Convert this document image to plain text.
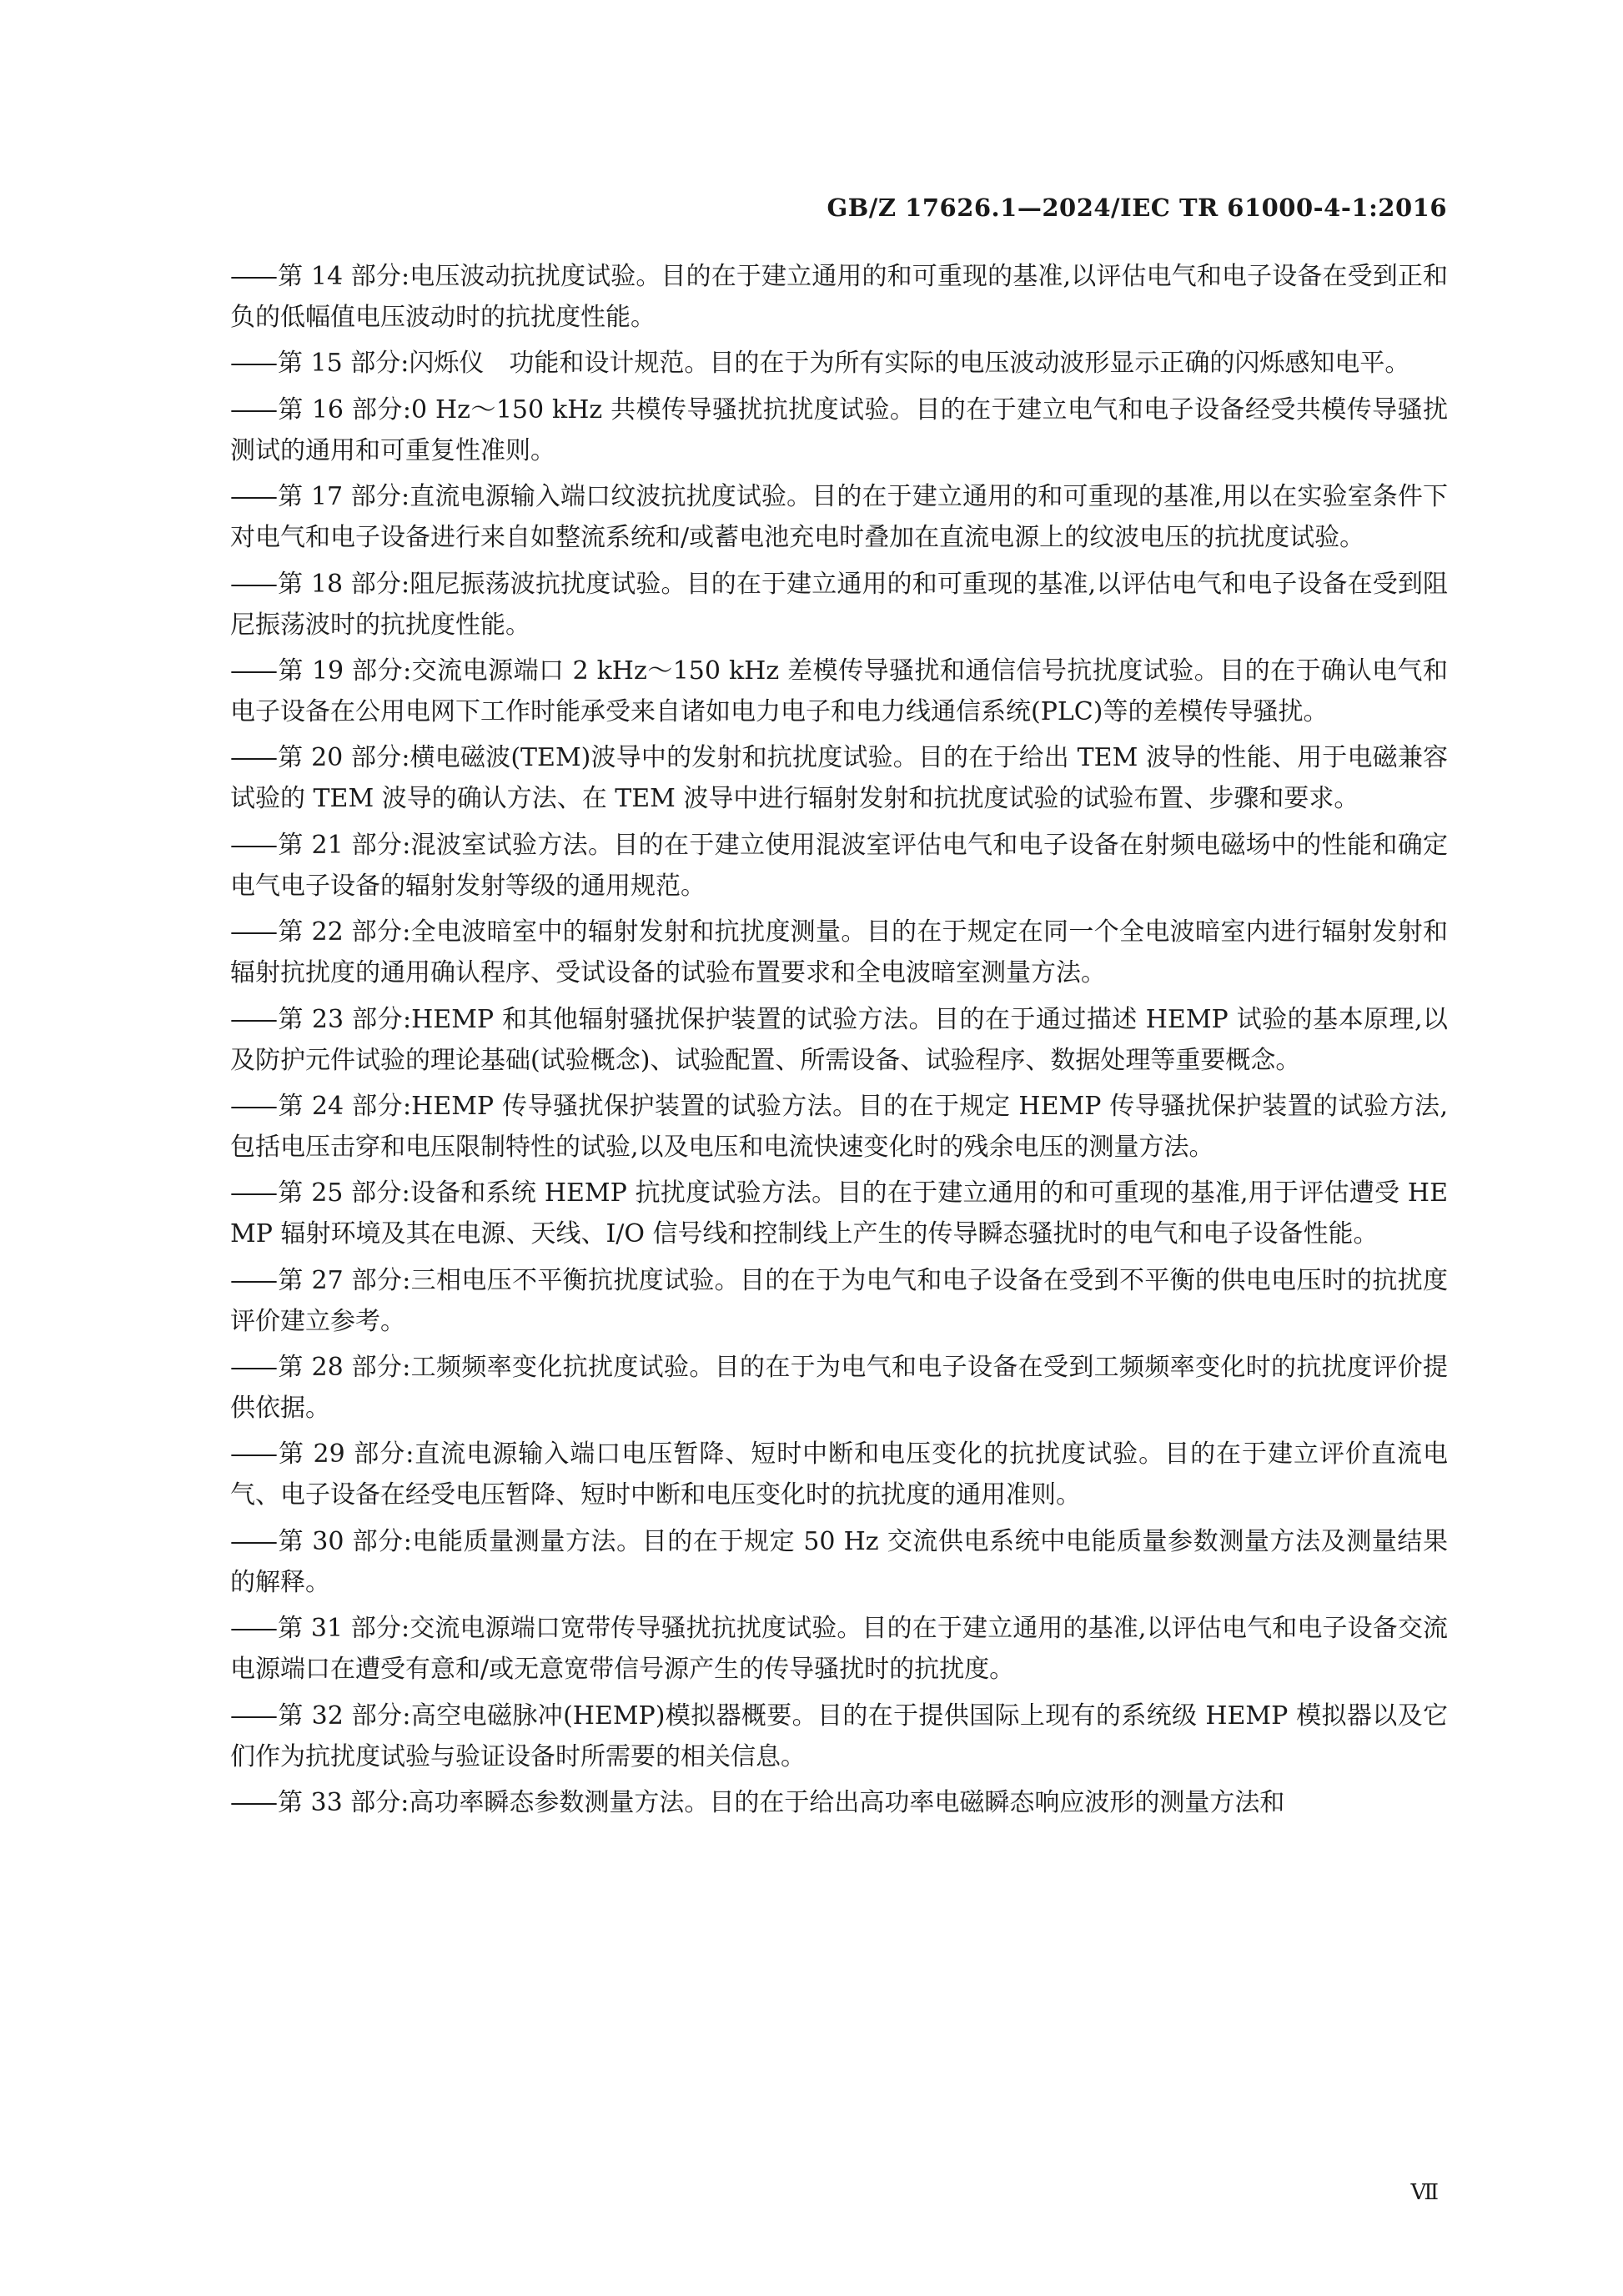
GB/Z 17626.1—2024/IEC TR 61000-4-1:2016

—— 第 14 部分:电压波动抗扰度试验。目的在于建立通用的和可重现的基准,以评估电气和电子设备在受到正和负的低幅值电压波动时的抗扰度性能。

—— 第 15 部分:闪烁仪　功能和设计规范。目的在于为所有实际的电压波动波形显示正确的闪烁感知电平。

—— 第 16 部分:0 Hz～150 kHz 共模传导骚扰抗扰度试验。目的在于建立电气和电子设备经受共模传导骚扰测试的通用和可重复性准则。

—— 第 17 部分:直流电源输入端口纹波抗扰度试验。目的在于建立通用的和可重现的基准,用以在实验室条件下对电气和电子设备进行来自如整流系统和/或蓄电池充电时叠加在直流电源上的纹波电压的抗扰度试验。

—— 第 18 部分:阻尼振荡波抗扰度试验。目的在于建立通用的和可重现的基准,以评估电气和电子设备在受到阻尼振荡波时的抗扰度性能。

—— 第 19 部分:交流电源端口 2 kHz～150 kHz 差模传导骚扰和通信信号抗扰度试验。目的在于确认电气和电子设备在公用电网下工作时能承受来自诸如电力电子和电力线通信系统(PLC)等的差模传导骚扰。

—— 第 20 部分:横电磁波(TEM)波导中的发射和抗扰度试验。目的在于给出 TEM 波导的性能、用于电磁兼容试验的 TEM 波导的确认方法、在 TEM 波导中进行辐射发射和抗扰度试验的试验布置、步骤和要求。

—— 第 21 部分:混波室试验方法。目的在于建立使用混波室评估电气和电子设备在射频电磁场中的性能和确定电气电子设备的辐射发射等级的通用规范。

—— 第 22 部分:全电波暗室中的辐射发射和抗扰度测量。目的在于规定在同一个全电波暗室内进行辐射发射和辐射抗扰度的通用确认程序、受试设备的试验布置要求和全电波暗室测量方法。

—— 第 23 部分:HEMP 和其他辐射骚扰保护装置的试验方法。目的在于通过描述 HEMP 试验的基本原理,以及防护元件试验的理论基础(试验概念)、试验配置、所需设备、试验程序、数据处理等重要概念。

—— 第 24 部分:HEMP 传导骚扰保护装置的试验方法。目的在于规定 HEMP 传导骚扰保护装置的试验方法,包括电压击穿和电压限制特性的试验,以及电压和电流快速变化时的残余电压的测量方法。

—— 第 25 部分:设备和系统 HEMP 抗扰度试验方法。目的在于建立通用的和可重现的基准,用于评估遭受 HEMP 辐射环境及其在电源、天线、I/O 信号线和控制线上产生的传导瞬态骚扰时的电气和电子设备性能。

—— 第 27 部分:三相电压不平衡抗扰度试验。目的在于为电气和电子设备在受到不平衡的供电电压时的抗扰度评价建立参考。

—— 第 28 部分:工频频率变化抗扰度试验。目的在于为电气和电子设备在受到工频频率变化时的抗扰度评价提供依据。

—— 第 29 部分:直流电源输入端口电压暂降、短时中断和电压变化的抗扰度试验。目的在于建立评价直流电气、电子设备在经受电压暂降、短时中断和电压变化时的抗扰度的通用准则。

—— 第 30 部分:电能质量测量方法。目的在于规定 50 Hz 交流供电系统中电能质量参数测量方法及测量结果的解释。

—— 第 31 部分:交流电源端口宽带传导骚扰抗扰度试验。目的在于建立通用的基准,以评估电气和电子设备交流电源端口在遭受有意和/或无意宽带信号源产生的传导骚扰时的抗扰度。

—— 第 32 部分:高空电磁脉冲(HEMP)模拟器概要。目的在于提供国际上现有的系统级 HEMP 模拟器以及它们作为抗扰度试验与验证设备时所需要的相关信息。

—— 第 33 部分:高功率瞬态参数测量方法。目的在于给出高功率电磁瞬态响应波形的测量方法和

Ⅶ
